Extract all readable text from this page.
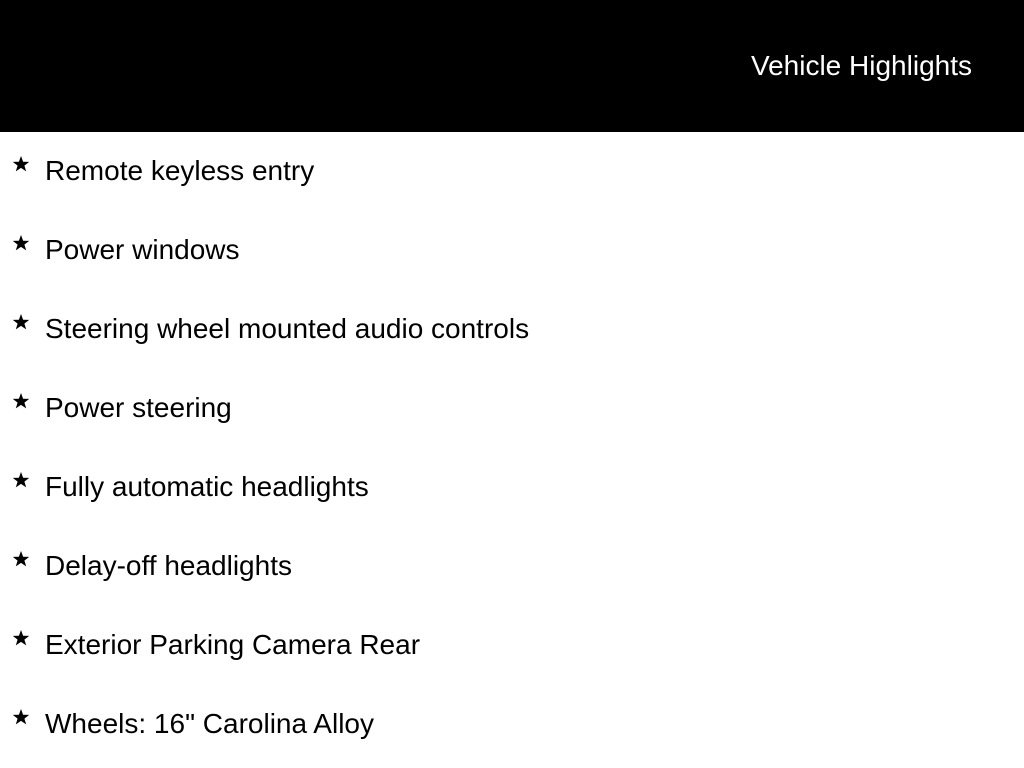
Vehicle Highlights
Remote keyless entry
Power windows
Steering wheel mounted audio controls
Power steering
Fully automatic headlights
Delay-off headlights
Exterior Parking Camera Rear
Wheels: 16" Carolina Alloy
